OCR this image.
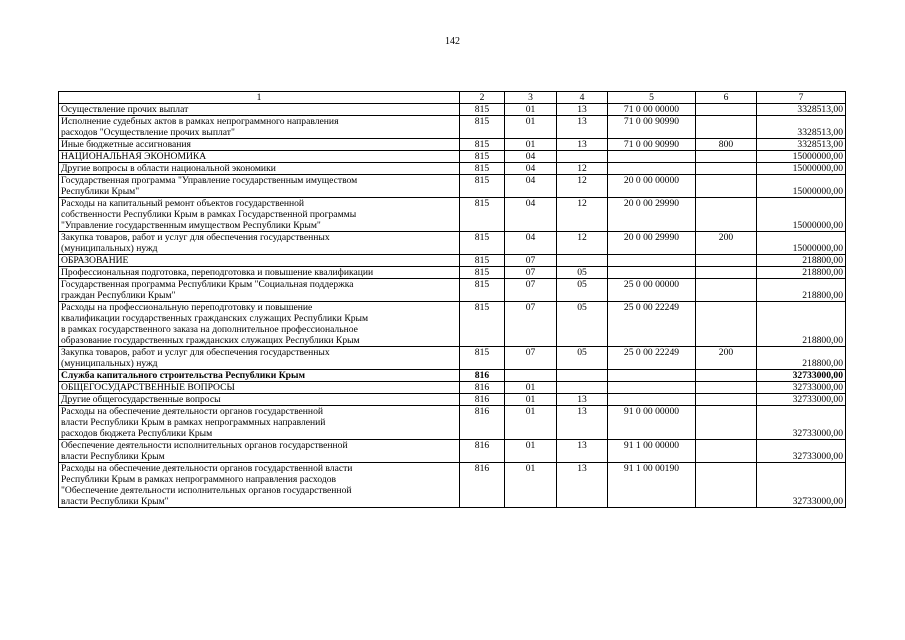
142
1	2	3	4	5	6	7
Осуществление прочих выплат	815	01	13	71 0 00 00000		3328513,00
Исполнение судебных актов в рамках непрограммного направления
расходов "Осуществление прочих выплат"	815	01	13	71 0 00 90990		3328513,00
Иные бюджетные ассигнования	815	01	13	71 0 00 90990	800	3328513,00
НАЦИОНАЛЬНАЯ ЭКОНОМИКА	815	04				15000000,00
Другие вопросы в области национальной экономики	815	04	12			15000000,00
Государственная программа "Управление государственным имуществом
Республики Крым"	815	04	12	20 0 00 00000		15000000,00
Расходы на капитальный ремонт объектов государственной
собственности Республики Крым в рамках Государственной программы
"Управление государственным имуществом Республики Крым"	815	04	12	20 0 00 29990		15000000,00
Закупка товаров, работ и услуг для обеспечения государственных
(муниципальных) нужд	815	04	12	20 0 00 29990	200	15000000,00
ОБРАЗОВАНИЕ	815	07				218800,00
Профессиональная подготовка, переподготовка и повышение квалификации	815	07	05			218800,00
Государственная программа Республики Крым "Социальная поддержка
граждан Республики Крым"	815	07	05	25 0 00 00000		218800,00
Расходы на профессиональную переподготовку и повышение
квалификации государственных гражданских служащих Республики Крым
в рамках государственного заказа на дополнительное профессиональное
образование государственных гражданских служащих Республики Крым	815	07	05	25 0 00 22249		218800,00
Закупка товаров, работ и услуг для обеспечения государственных
(муниципальных) нужд	815	07	05	25 0 00 22249	200	218800,00
Служба капитального строительства Республики Крым	816					32733000,00
ОБЩЕГОСУДАРСТВЕННЫЕ ВОПРОСЫ	816	01				32733000,00
Другие общегосударственные вопросы	816	01	13			32733000,00
Расходы на обеспечение деятельности органов государственной
власти Республики Крым в рамках непрограммных направлений
расходов бюджета Республики Крым	816	01	13	91 0 00 00000		32733000,00
Обеспечение деятельности исполнительных органов государственной
власти Республики Крым	816	01	13	91 1 00 00000		32733000,00
Расходы на обеспечение деятельности органов государственной власти
Республики Крым в рамках непрограммного направления расходов
"Обеспечение деятельности исполнительных органов государственной
власти Республики Крым"	816	01	13	91 1 00 00190		32733000,00
